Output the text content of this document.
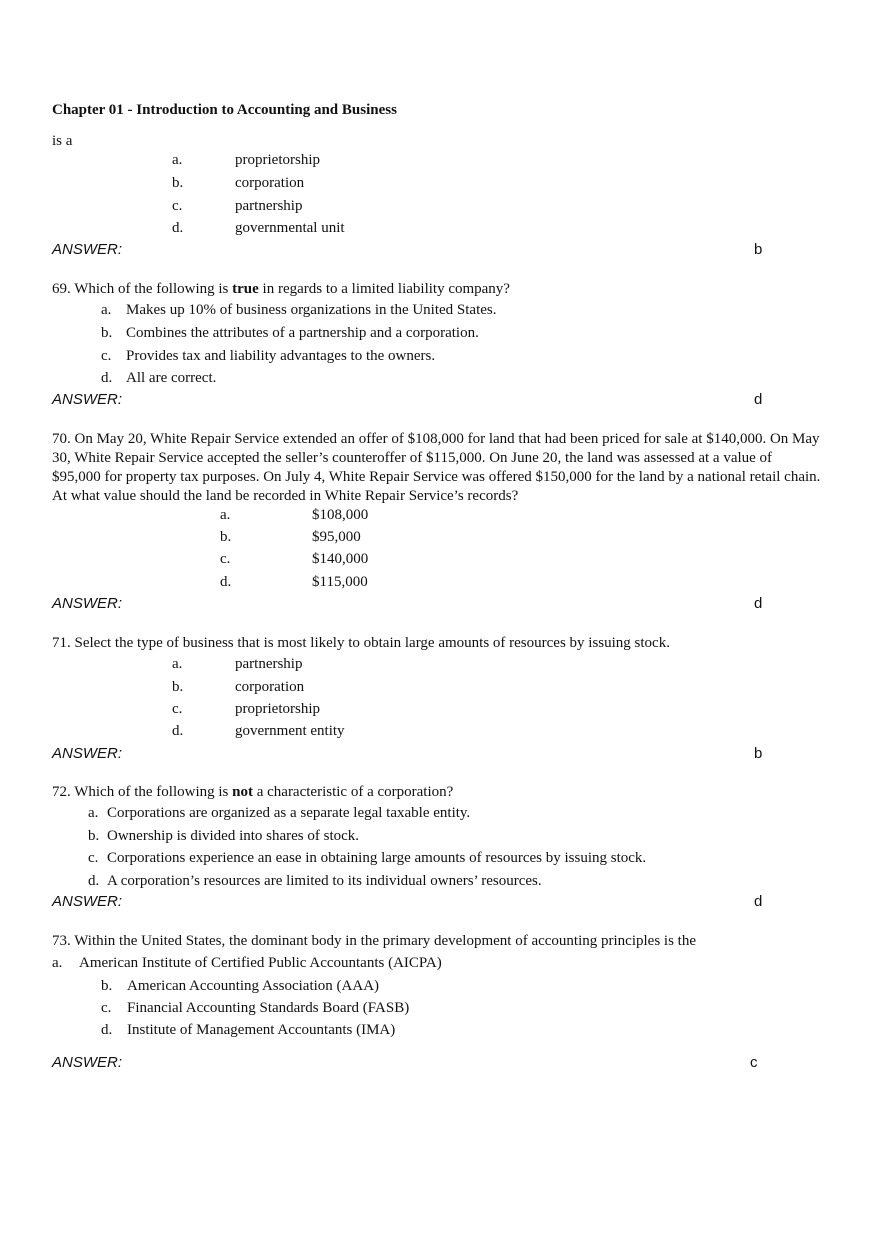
Chapter 01 - Introduction to Accounting and Business
is a
a.	proprietorship
b.	corporation
c.	partnership
d.	governmental unit
ANSWER:	b
69. Which of the following is true in regards to a limited liability company?
a. Makes up 10% of business organizations in the United States.
b. Combines the attributes of a partnership and a corporation.
c. Provides tax and liability advantages to the owners.
d. All are correct.
ANSWER:	d
70. On May 20, White Repair Service extended an offer of $108,000 for land that had been priced for sale at $140,000. On May 30, White Repair Service accepted the seller’s counteroffer of $115,000. On June 20, the land was assessed at a value of $95,000 for property tax purposes. On July 4, White Repair Service was offered $150,000 for the land by a national retail chain. At what value should the land be recorded in White Repair Service’s records?
a.	$108,000
b.	$95,000
c.	$140,000
d.	$115,000
ANSWER:	d
71. Select the type of business that is most likely to obtain large amounts of resources by issuing stock.
a.	partnership
b.	corporation
c.	proprietorship
d.	government entity
ANSWER:	b
72. Which of the following is not a characteristic of a corporation?
a. Corporations are organized as a separate legal taxable entity.
b. Ownership is divided into shares of stock.
c. Corporations experience an ease in obtaining large amounts of resources by issuing stock.
d. A corporation’s resources are limited to its individual owners’ resources.
ANSWER:	d
73. Within the United States, the dominant body in the primary development of accounting principles is the
a. American Institute of Certified Public Accountants (AICPA)
b. American Accounting Association (AAA)
c. Financial Accounting Standards Board (FASB)
d. Institute of Management Accountants (IMA)
ANSWER:	c
